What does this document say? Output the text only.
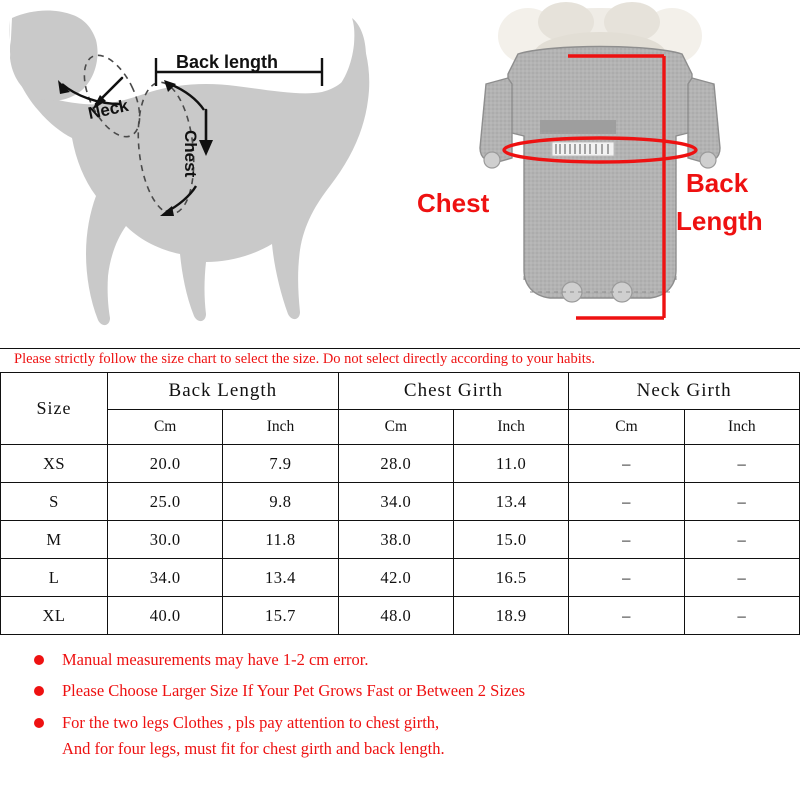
Back length
Neck
Chest
Chest
Back
Length
Please strictly follow the size chart to select the size. Do not select directly according to your habits.
Size	Back Length		Chest Girth		Neck Girth	
	Cm	Inch	Cm	Inch	Cm	Inch
XS	20.0	7.9	28.0	11.0	–	–
S	25.0	9.8	34.0	13.4	–	–
M	30.0	11.8	38.0	15.0	–	–
L	34.0	13.4	42.0	16.5	–	–
XL	40.0	15.7	48.0	18.9	–	–
Manual measurements may have 1-2 cm error.
Please Choose Larger Size If Your Pet Grows Fast or Between 2 Sizes
For the two legs Clothes , pls pay attention to chest girth,
And for four legs, must fit for chest girth and back length.
